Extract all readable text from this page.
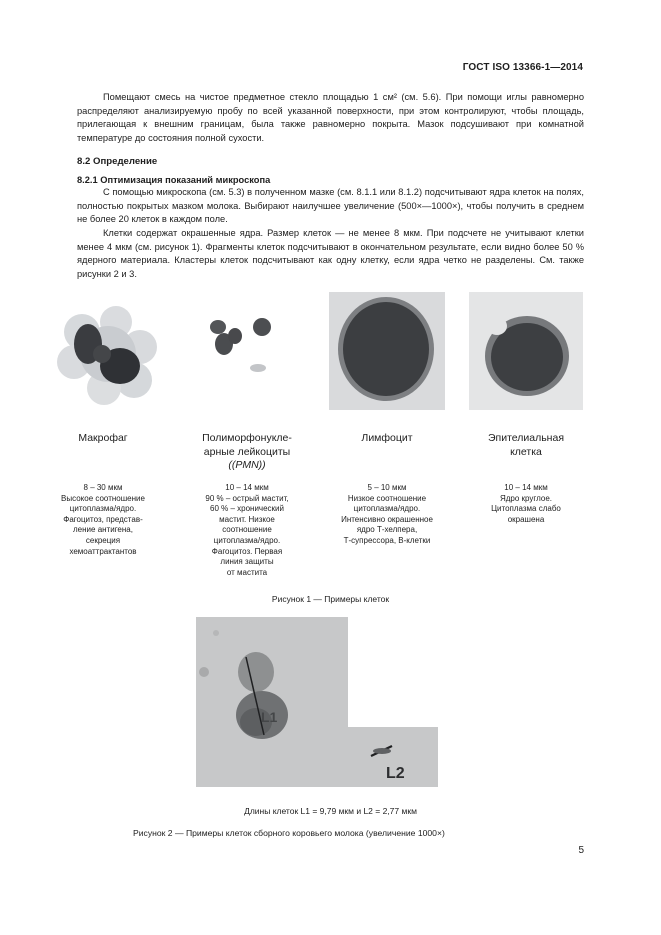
ГОСТ ISO 13366-1—2014
Помещают смесь на чистое предметное стекло площадью 1 см² (см. 5.6). При помощи иглы равномерно распределяют анализируемую пробу по всей указанной поверхности, при этом контролируют, чтобы площадь, прилегающая к внешним границам, была также равномерно покрыта. Мазок подсушивают при комнатной температуре до состояния полной сухости.
8.2 Определение
8.2.1 Оптимизация показаний микроскопа
С помощью микроскопа (см. 5.3) в полученном мазке (см. 8.1.1 или 8.1.2) подсчитывают ядра клеток на полях, полностью покрытых мазком молока. Выбирают наилучшее увеличение (500×—1000×), чтобы получить в среднем не более 20 клеток в каждом поле.
Клетки содержат окрашенные ядра. Размер клеток — не менее 8 мкм. При подсчете не учитывают клетки менее 4 мкм (см. рисунок 1). Фрагменты клеток подсчитывают в окончательном результате, если видно более 50 % ядерного материала. Кластеры клеток подсчитывают как одну клетку, если ядра четко не разделены. См. также рисунки 2 и 3.
Макрофаг	Полиморфонукле-
арные лейкоциты
((PMN))
Лимфоцит	Эпителиальная
клетка
8 – 30 мкм
Высокое соотношение
цитоплазма/ядро.
Фагоцитоз, представ-
ление антигена,
секреция
хемоаттрактантов
10 – 14 мкм
90 % – острый мастит,
60 % – хронический
мастит. Низкое
соотношение
цитоплазма/ядро.
Фагоцитоз. Первая
линия защиты
от мастита
5 – 10 мкм
Низкое соотношение
цитоплазма/ядро.
Интенсивно окрашенное
ядро Т-хелпера,
Т-супрессора, В-клетки
10 – 14 мкм
Ядро круглое.
Цитоплазма слабо
окрашена
Рисунок 1 — Примеры клеток
L1
L2
Длины клеток L1 = 9,79 мкм и L2 = 2,77 мкм
Рисунок 2 — Примеры клеток сборного коровьего молока (увеличение 1000×)
5
